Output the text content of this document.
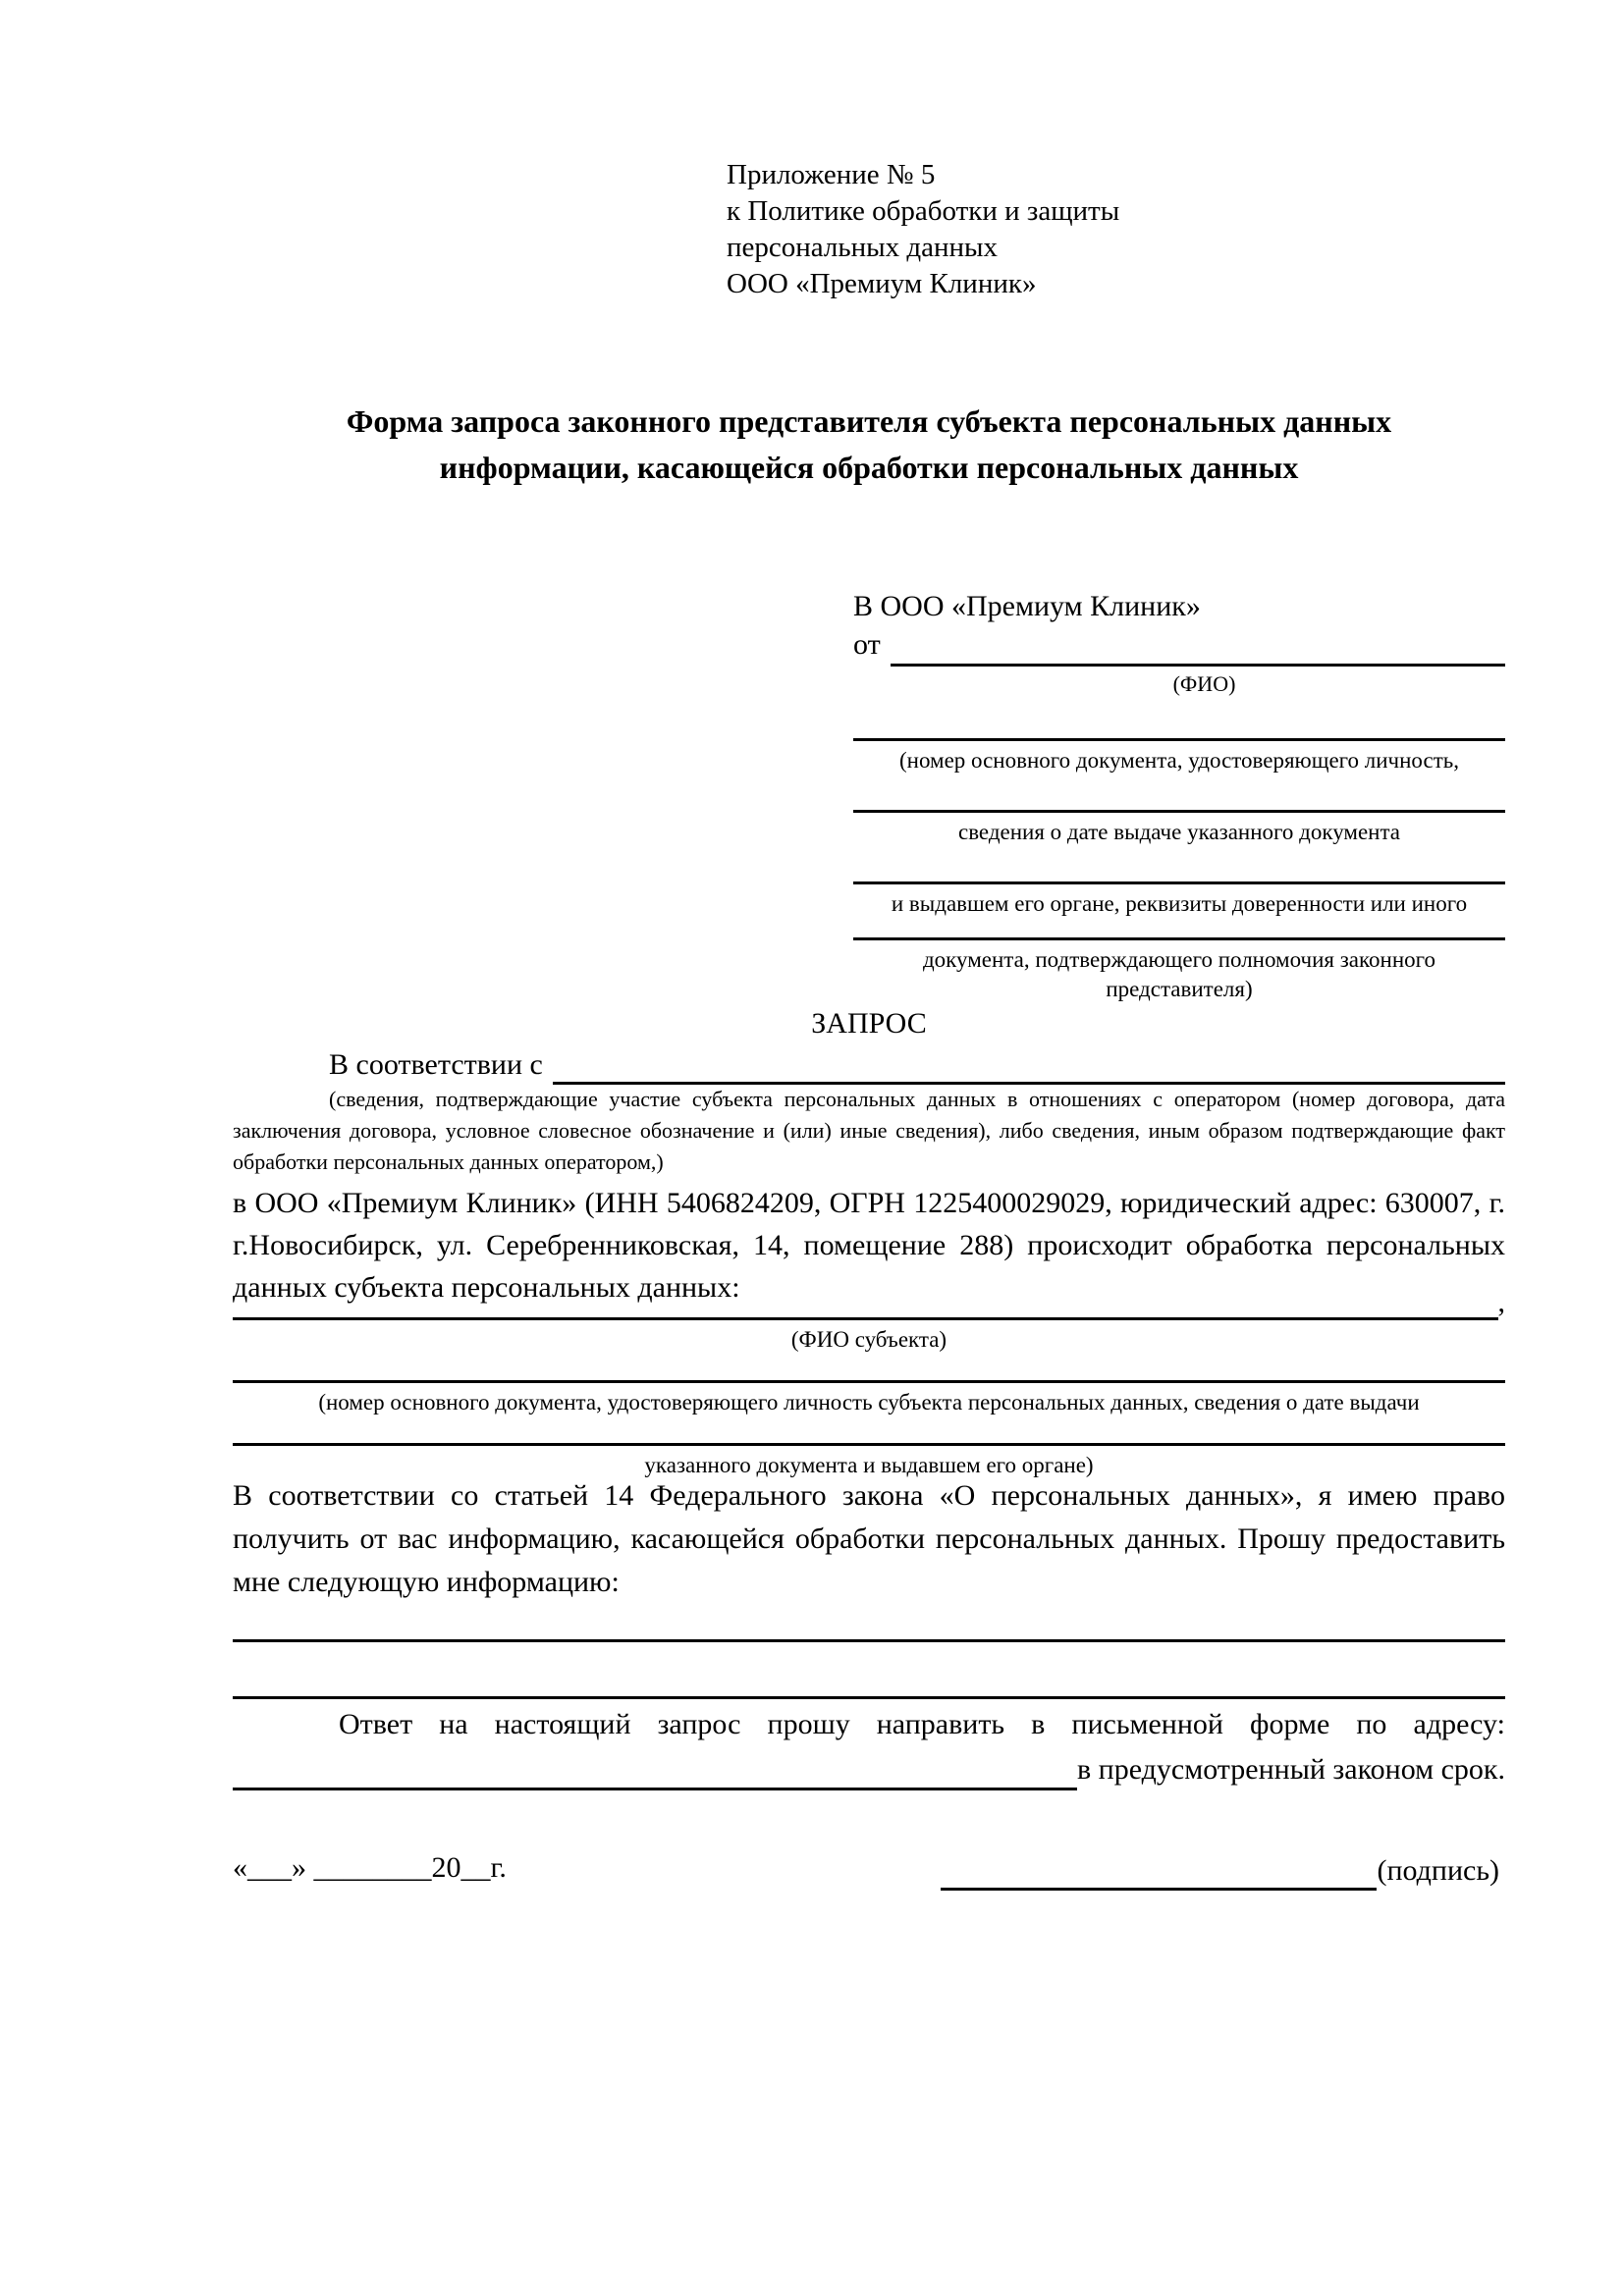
Приложение № 5
к Политике обработки и защиты
персональных данных
ООО «Премиум Клиник»
Форма запроса законного представителя субъекта персональных данных
информации, касающейся обработки персональных данных
В ООО «Премиум Клиник»
от
(ФИО)
(номер основного документа, удостоверяющего личность,
сведения о дате выдаче указанного документа
и выдавшем его органе, реквизиты доверенности или иного
документа, подтверждающего полномочия законного представителя)
ЗАПРОС
В соответствии с
(сведения, подтверждающие участие субъекта персональных данных в отношениях с оператором (номер договора, дата заключения договора, условное словесное обозначение и (или) иные сведения), либо сведения, иным образом подтверждающие факт обработки персональных данных оператором,)
в ООО «Премиум Клиник» (ИНН 5406824209, ОГРН 1225400029029, юридический адрес: 630007, г. г.Новосибирск, ул. Серебренниковская, 14, помещение 288) происходит обработка персональных данных субъекта персональных данных:	,
(ФИО субъекта)
(номер основного документа, удостоверяющего личность субъекта персональных данных, сведения о дате выдачи
указанного документа и выдавшем его органе)
В соответствии со статьей 14 Федерального закона «О персональных данных», я имею право получить от вас информацию, касающейся обработки персональных данных. Прошу предоставить мне следующую информацию:
Ответ на настоящий запрос прошу направить в письменной форме по адресу:
в предусмотренный законом срок.
«___» ________20__г.	(подпись)
